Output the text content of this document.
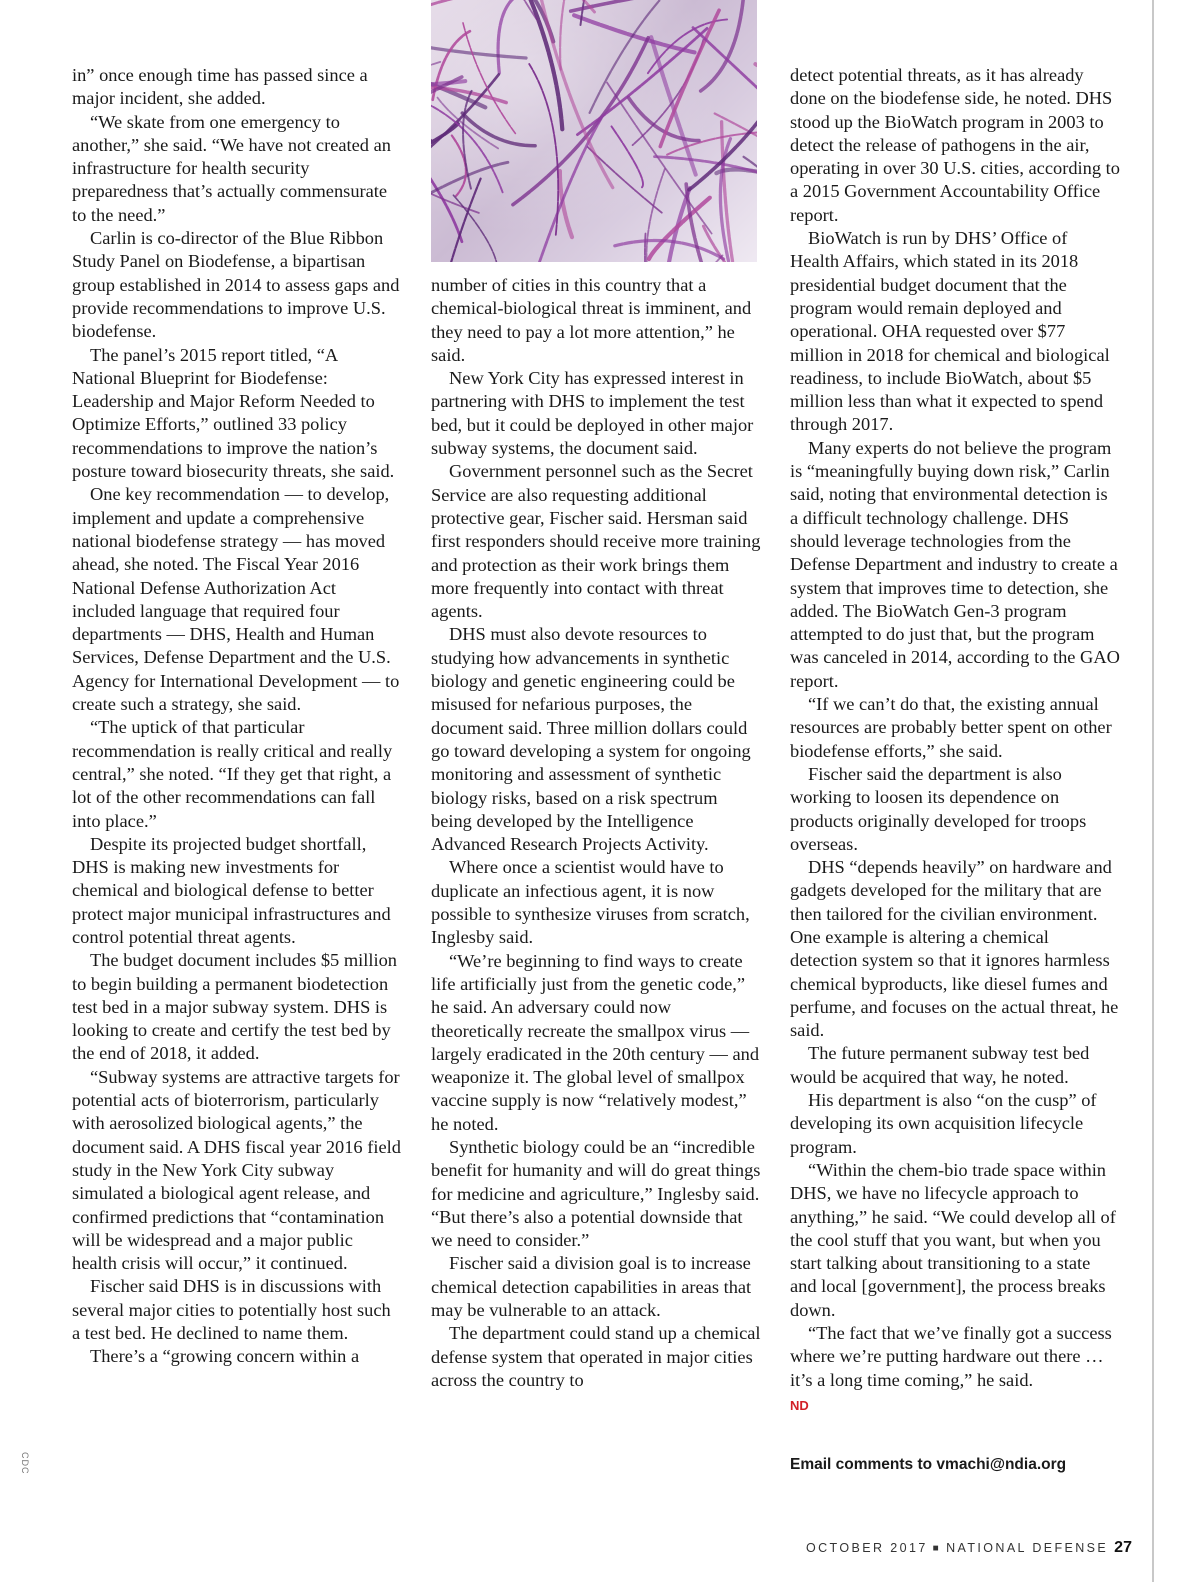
CDC

in” once enough time has passed since a major incident, she added.

“We skate from one emergency to another,” she said. “We have not created an infrastructure for health security preparedness that’s actually commensurate to the need.”

Carlin is co-director of the Blue Ribbon Study Panel on Biodefense, a bipartisan group established in 2014 to assess gaps and provide recommendations to improve U.S. biodefense.

The panel’s 2015 report titled, “A National Blueprint for Biodefense: Leadership and Major Reform Needed to Optimize Efforts,” outlined 33 policy recommendations to improve the nation’s posture toward biosecurity threats, she said.

One key recommendation — to develop, implement and update a comprehensive national biodefense strategy — has moved ahead, she noted. The Fiscal Year 2016 National Defense Authorization Act included language that required four departments — DHS, Health and Human Services, Defense Department and the U.S. Agency for International Development — to create such a strategy, she said.

“The uptick of that particular recommendation is really critical and really central,” she noted. “If they get that right, a lot of the other recommendations can fall into place.”

Despite its projected budget shortfall, DHS is making new investments for chemical and biological defense to better protect major municipal infrastructures and control potential threat agents.

The budget document includes $5 million to begin building a permanent biodetection test bed in a major subway system. DHS is looking to create and certify the test bed by the end of 2018, it added.

“Subway systems are attractive targets for potential acts of bioterrorism, particularly with aerosolized biological agents,” the document said. A DHS fiscal year 2016 field study in the New York City subway simulated a biological agent release, and confirmed predictions that “contamination will be widespread and a major public health crisis will occur,” it continued.

Fischer said DHS is in discussions with several major cities to potentially host such a test bed. He declined to name them.

There’s a “growing concern within a

number of cities in this country that a chemical-biological threat is imminent, and they need to pay a lot more attention,” he said.

New York City has expressed interest in partnering with DHS to implement the test bed, but it could be deployed in other major subway systems, the document said.

Government personnel such as the Secret Service are also requesting additional protective gear, Fischer said. Hersman said first responders should receive more training and protection as their work brings them more frequently into contact with threat agents.

DHS must also devote resources to studying how advancements in synthetic biology and genetic engineering could be misused for nefarious purposes, the document said. Three million dollars could go toward developing a system for ongoing monitoring and assessment of synthetic biology risks, based on a risk spectrum being developed by the Intelligence Advanced Research Projects Activity.

Where once a scientist would have to duplicate an infectious agent, it is now possible to synthesize viruses from scratch, Inglesby said.

“We’re beginning to find ways to create life artificially just from the genetic code,” he said. An adversary could now theoretically recreate the smallpox virus — largely eradicated in the 20th century — and weaponize it. The global level of smallpox vaccine supply is now “relatively modest,” he noted.

Synthetic biology could be an “incredible benefit for humanity and will do great things for medicine and agriculture,” Inglesby said. “But there’s also a potential downside that we need to consider.”

Fischer said a division goal is to increase chemical detection capabilities in areas that may be vulnerable to an attack.

The department could stand up a chemical defense system that operated in major cities across the country to

detect potential threats, as it has already done on the biodefense side, he noted. DHS stood up the BioWatch program in 2003 to detect the release of pathogens in the air, operating in over 30 U.S. cities, according to a 2015 Government Accountability Office report.

BioWatch is run by DHS’ Office of Health Affairs, which stated in its 2018 presidential budget document that the program would remain deployed and operational. OHA requested over $77 million in 2018 for chemical and biological readiness, to include BioWatch, about $5 million less than what it expected to spend through 2017.

Many experts do not believe the program is “meaningfully buying down risk,” Carlin said, noting that environmental detection is a difficult technology challenge. DHS should leverage technologies from the Defense Department and industry to create a system that improves time to detection, she added. The BioWatch Gen-3 program attempted to do just that, but the program was canceled in 2014, according to the GAO report.

“If we can’t do that, the existing annual resources are probably better spent on other biodefense efforts,” she said.

Fischer said the department is also working to loosen its dependence on products originally developed for troops overseas.

DHS “depends heavily” on hardware and gadgets developed for the military that are then tailored for the civilian environment. One example is altering a chemical detection system so that it ignores harmless chemical byproducts, like diesel fumes and perfume, and focuses on the actual threat, he said.

The future permanent subway test bed would be acquired that way, he noted.

His department is also “on the cusp” of developing its own acquisition lifecycle program.

“Within the chem-bio trade space within DHS, we have no lifecycle approach to anything,” he said. “We could develop all of the cool stuff that you want, but when you start talking about transitioning to a state and local [government], the process breaks down.

“The fact that we’ve finally got a success where we’re putting hardware out there … it’s a long time coming,” he said.

ND
Email comments to vmachi@ndia.org
OCTOBER 2017 ■ NATIONAL DEFENSE 27
